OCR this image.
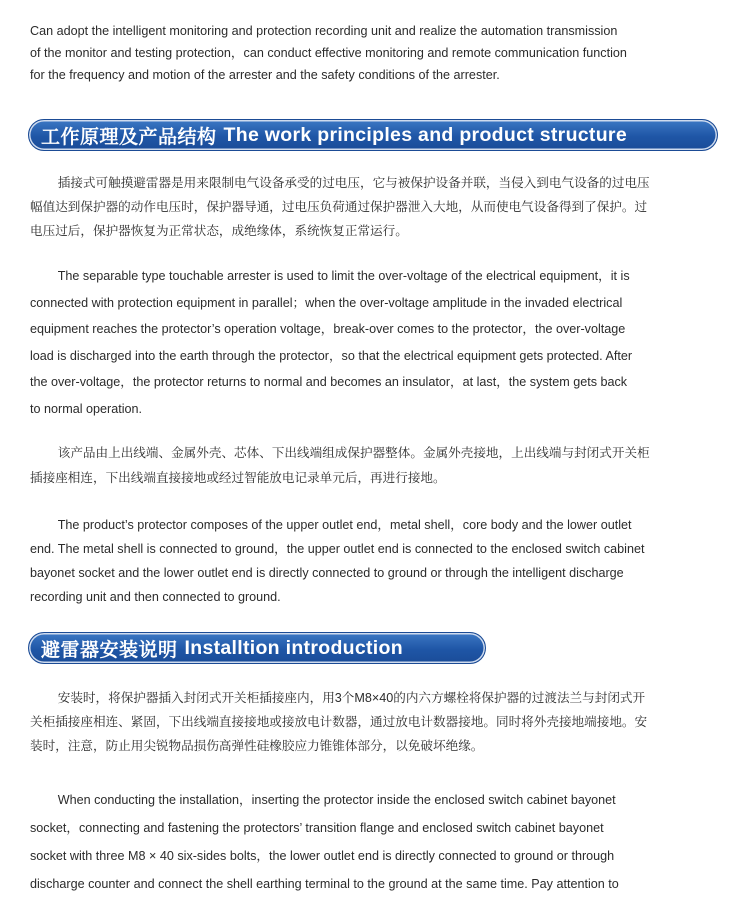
Can adopt the intelligent monitoring and protection recording unit and realize the automation transmission
of the monitor and testing protection，can conduct effective monitoring and remote communication function
for the frequency and motion of the arrester and the safety conditions of the arrester.
工作原理及产品结构 The work principles and product structure
插接式可触摸避雷器是用来限制电气设备承受的过电压，它与被保护设备并联，当侵入到电气设备的过电压
幅值达到保护器的动作电压时，保护器导通，过电压负荷通过保护器泄入大地，从而使电气设备得到了保护。过
电压过后，保护器恢复为正常状态，成绝缘体，系统恢复正常运行。
The separable type touchable arrester is used to limit the over-voltage of the electrical equipment，it is
connected with protection equipment in parallel；when the over-voltage amplitude in the invaded electrical
equipment reaches the protector’s operation voltage，break-over comes to the protector，the over-voltage
load is discharged into the earth through the protector，so that the electrical equipment gets protected. After
the over-voltage，the protector returns to normal and becomes an insulator，at last，the system gets back
to normal operation.
该产品由上出线端、金属外壳、芯体、下出线端组成保护器整体。金属外壳接地，上出线端与封闭式开关柜
插接座相连，下出线端直接接地或经过智能放电记录单元后，再进行接地。
The product’s protector composes of the upper outlet end，metal shell，core body and the lower outlet
end. The metal shell is connected to ground，the upper outlet end is connected to the enclosed switch cabinet
bayonet socket and the lower outlet end is directly connected to ground or through the intelligent discharge
recording unit and then connected to ground.
避雷器安装说明 Installtion introduction
安装时，将保护器插入封闭式开关柜插接座内，用3个M8×40的内六方螺栓将保护器的过渡法兰与封闭式开
关柜插接座相连、紧固，下出线端直接接地或接放电计数器，通过放电计数器接地。同时将外壳接地端接地。安
装时，注意，防止用尖锐物品损伤高弹性硅橡胶应力锥锥体部分，以免破坏绝缘。
When conducting the installation，inserting the protector inside the enclosed switch cabinet bayonet
socket，connecting and fastening the protectors’ transition flange and enclosed switch cabinet bayonet
socket with three M8 × 40 six-sides bolts，the lower outlet end is directly connected to ground or through
discharge counter and connect the shell earthing terminal to the ground at the same time. Pay attention to
